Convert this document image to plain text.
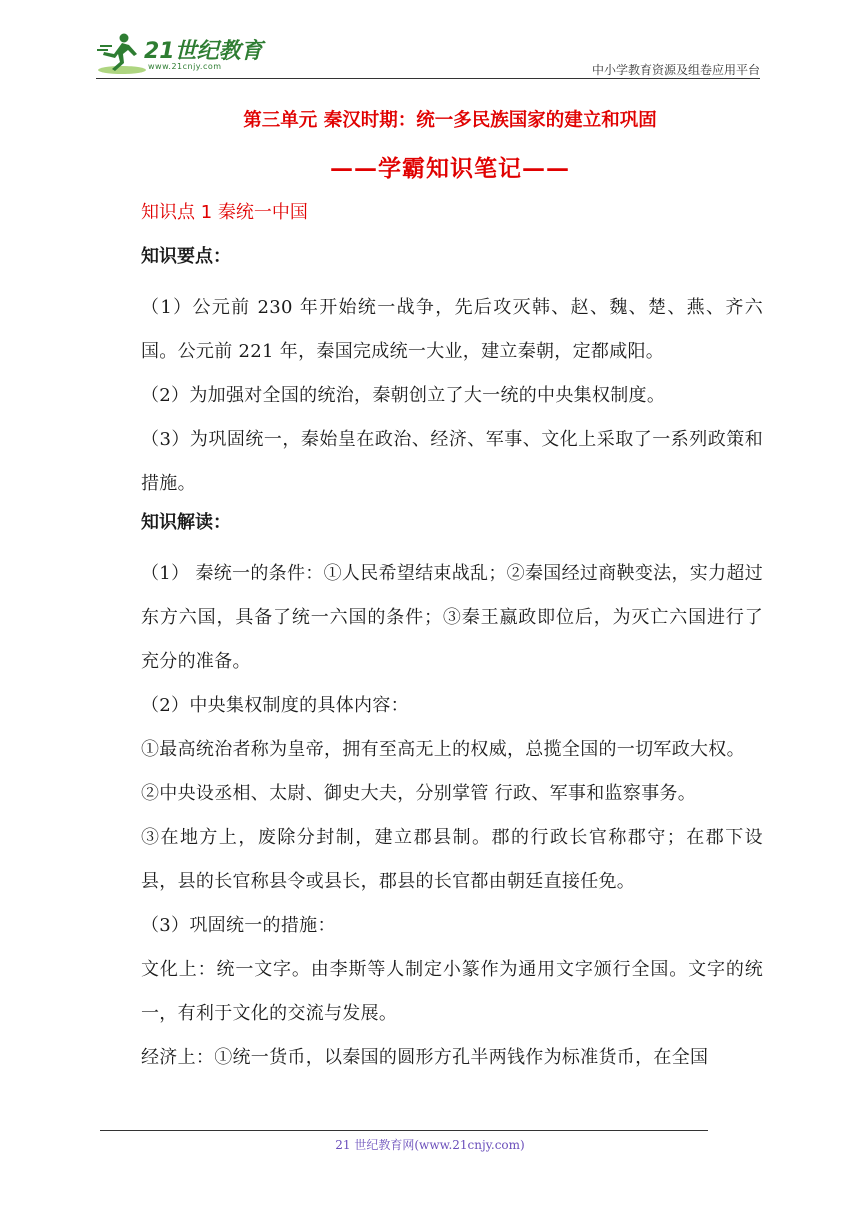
21世纪教育
www.21cnjy.com	中小学教育资源及组卷应用平台
第三单元 秦汉时期：统一多民族国家的建立和巩固
——学霸知识笔记——
知识点 1 秦统一中国
知识要点：

（1）公元前 230 年开始统一战争，先后攻灭韩、赵、魏、楚、燕、齐六国。公元前 221 年，秦国完成统一大业，建立秦朝，定都咸阳。

（2）为加强对全国的统治，秦朝创立了大一统的中央集权制度。

（3）为巩固统一，秦始皇在政治、经济、军事、文化上采取了一系列政策和措施。

知识解读：

（1） 秦统一的条件：①人民希望结束战乱；②秦国经过商鞅变法，实力超过东方六国，具备了统一六国的条件；③秦王嬴政即位后，为灭亡六国进行了充分的准备。

（2）中央集权制度的具体内容：

①最高统治者称为皇帝，拥有至高无上的权威，总揽全国的一切军政大权。

②中央设丞相、太尉、御史大夫，分别掌管 行政、军事和监察事务。

③在地方上，废除分封制，建立郡县制。郡的行政长官称郡守；在郡下设县，县的长官称县令或县长，郡县的长官都由朝廷直接任免。

（3）巩固统一的措施：

文化上：统一文字。由李斯等人制定小篆作为通用文字颁行全国。文字的统一，有利于文化的交流与发展。

经济上：①统一货币，以秦国的圆形方孔半两钱作为标准货币，在全国

21 世纪教育网(www.21cnjy.com)
